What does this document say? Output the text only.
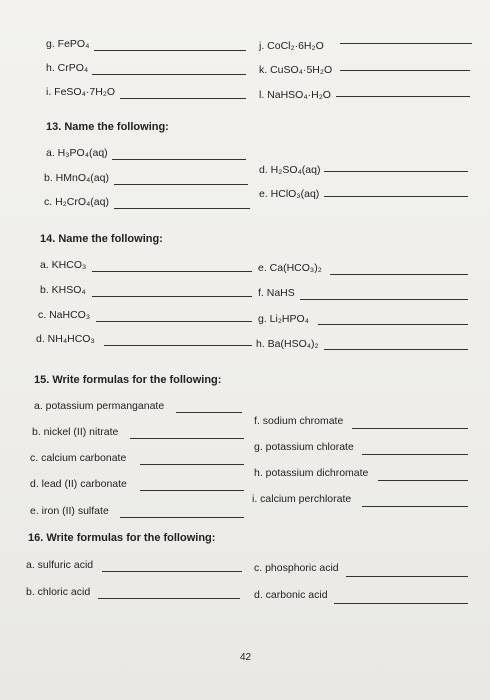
g. FePO₄	j. CoCl₂·6H₂O
h. CrPO₄	k. CuSO₄·5H₂O
i. FeSO₄·7H₂O	l. NaHSO₄·H₂O
13. Name the following:
a. H₃PO₄(aq)
d. H₂SO₄(aq)
b. HMnO₄(aq)
e. HClO₃(aq)
c. H₂CrO₄(aq)
14. Name the following:
a. KHCO₃	e. Ca(HCO₃)₂
b. KHSO₄	f. NaHS
c. NaHCO₃	g. Li₂HPO₄
d. NH₄HCO₃	h. Ba(HSO₄)₂
15. Write formulas for the following:
a. potassium permanganate
f. sodium chromate
b. nickel (II) nitrate
g. potassium chlorate
c. calcium carbonate
h. potassium dichromate
d. lead (II) carbonate
i. calcium perchlorate
e. iron (II) sulfate
16. Write formulas for the following:
a. sulfuric acid	c. phosphoric acid
b. chloric acid	d. carbonic acid
42
